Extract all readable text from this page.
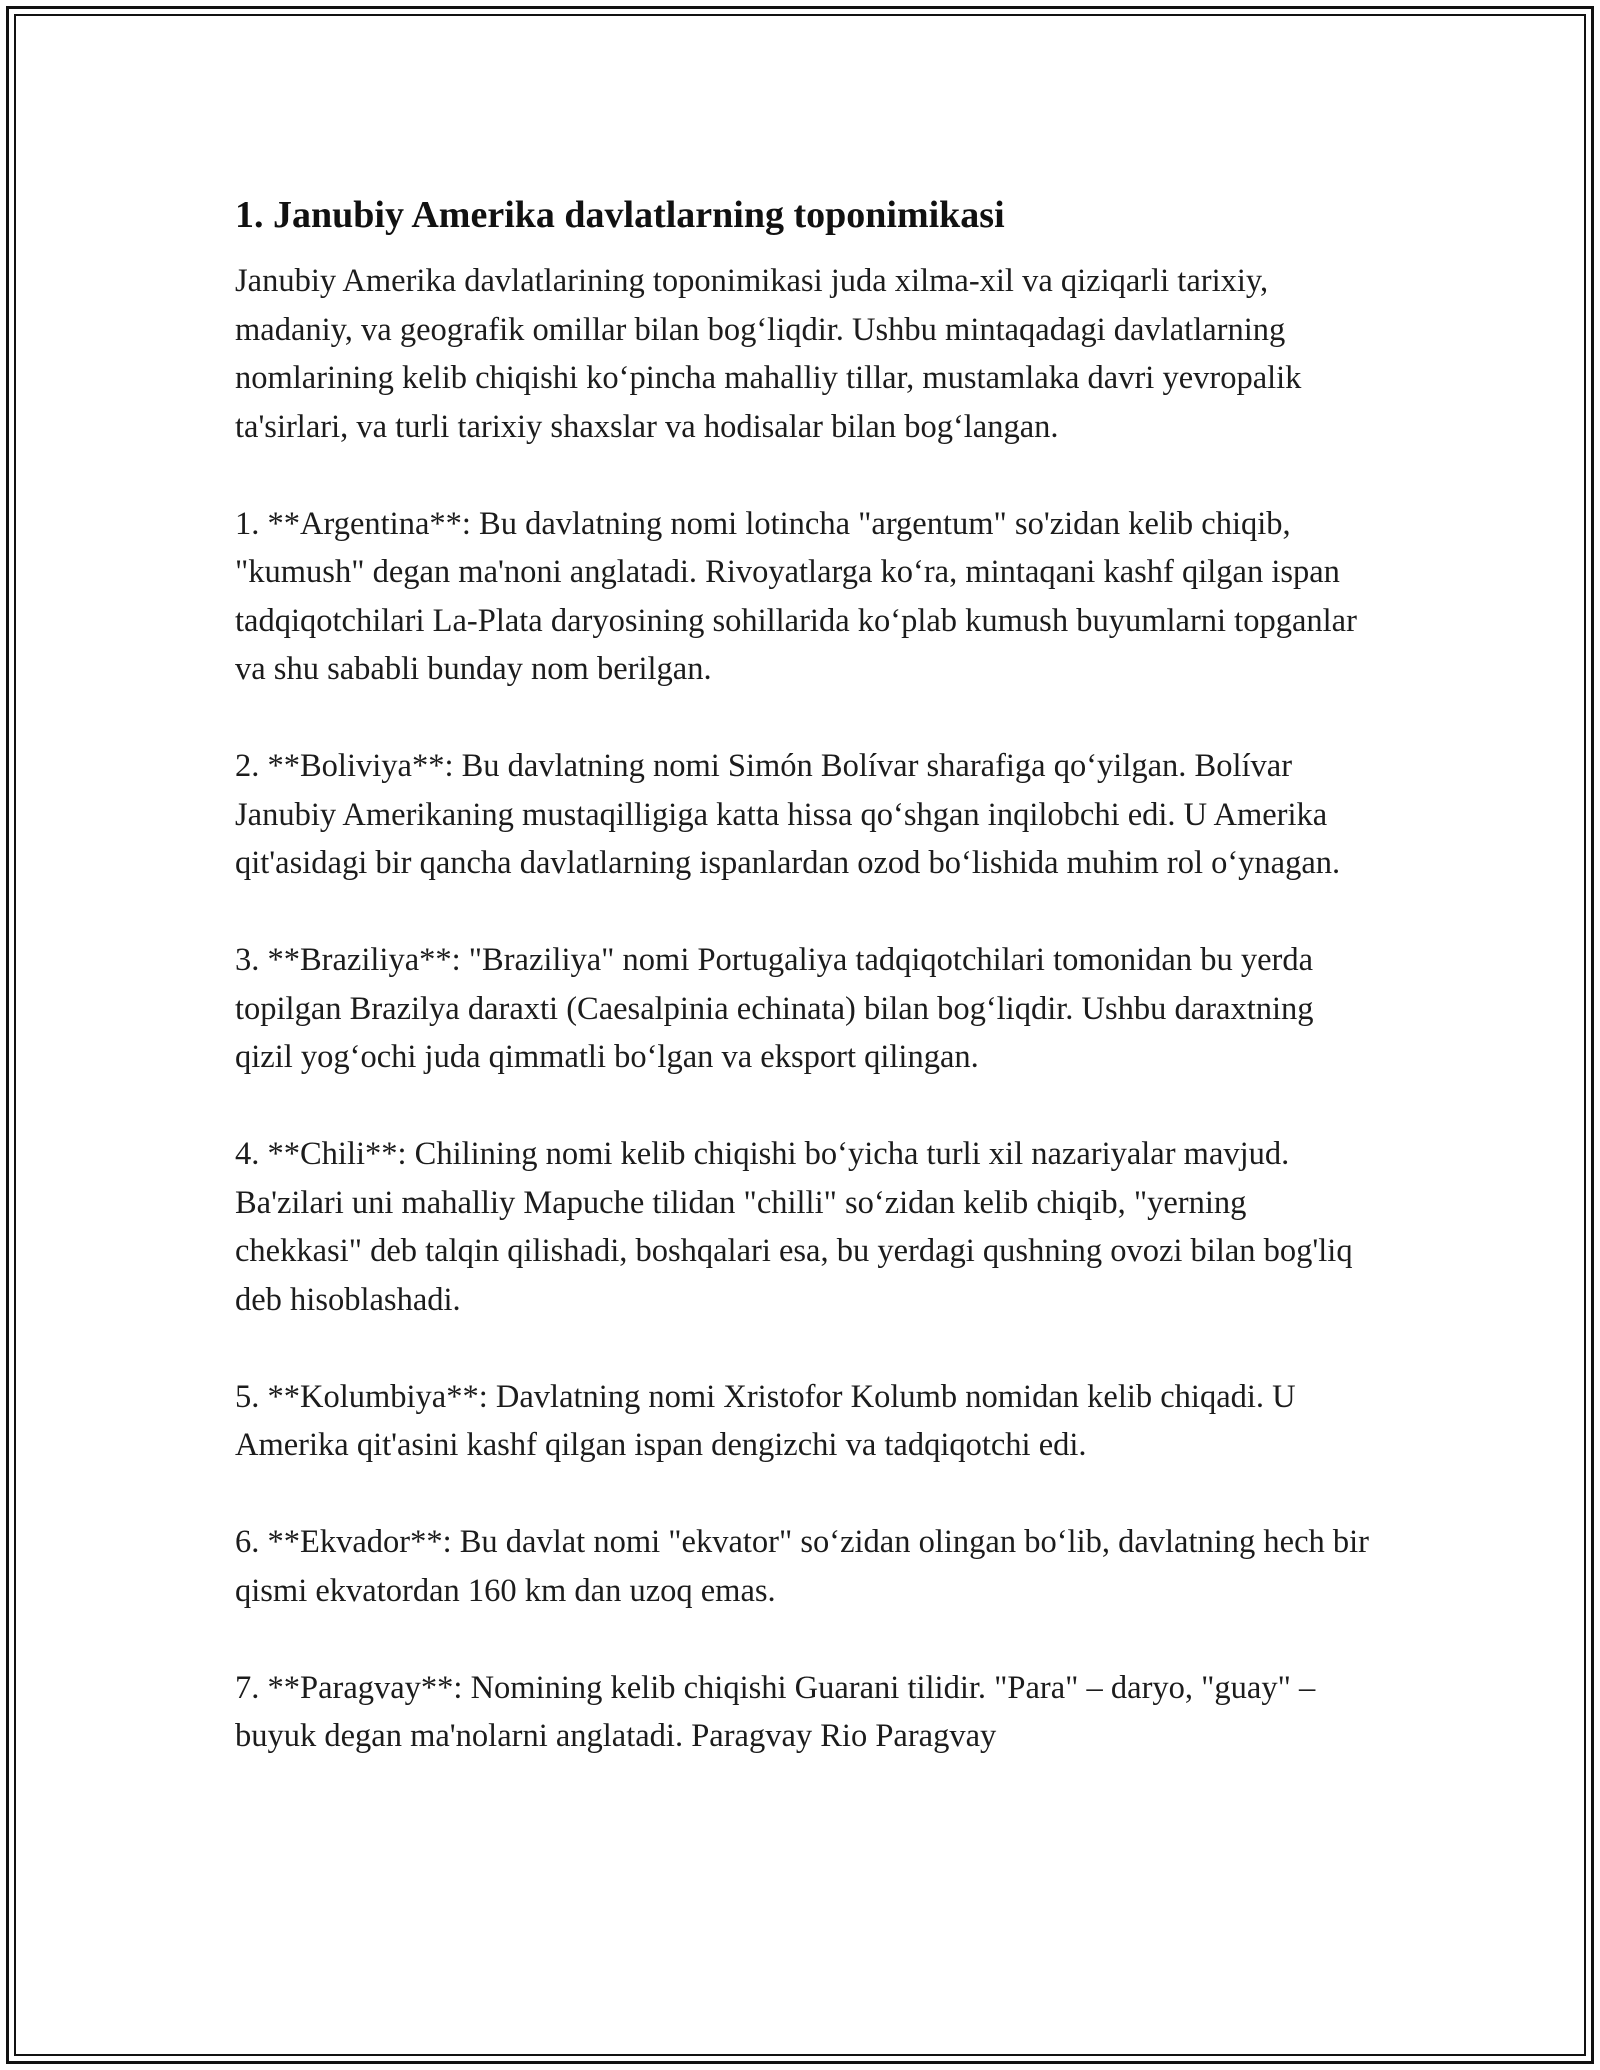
1. Janubiy Amerika davlatlarning toponimikasi

Janubiy Amerika davlatlarining toponimikasi juda xilma-xil va qiziqarli tarixiy, madaniy, va geografik omillar bilan bog‘liqdir. Ushbu mintaqadagi davlatlarning nomlarining kelib chiqishi ko‘pincha mahalliy tillar, mustamlaka davri yevropalik ta'sirlari, va turli tarixiy shaxslar va hodisalar bilan bog‘langan.

1. **Argentina**: Bu davlatning nomi lotincha "argentum" so'zidan kelib chiqib, "kumush" degan ma'noni anglatadi. Rivoyatlarga ko‘ra, mintaqani kashf qilgan ispan tadqiqotchilari La-Plata daryosining sohillarida ko‘plab kumush buyumlarni topganlar va shu sababli bunday nom berilgan.

2. **Boliviya**: Bu davlatning nomi Simón Bolívar sharafiga qo‘yilgan. Bolívar Janubiy Amerikaning mustaqilligiga katta hissa qo‘shgan inqilobchi edi. U Amerika qit'asidagi bir qancha davlatlarning ispanlardan ozod bo‘lishida muhim rol o‘ynagan.

3. **Braziliya**: "Braziliya" nomi Portugaliya tadqiqotchilari tomonidan bu yerda topilgan Brazilya daraxti (Caesalpinia echinata) bilan bog‘liqdir. Ushbu daraxtning qizil yog‘ochi juda qimmatli bo‘lgan va eksport qilingan.

4. **Chili**: Chilining nomi kelib chiqishi bo‘yicha turli xil nazariyalar mavjud. Ba'zilari uni mahalliy Mapuche tilidan "chilli" so‘zidan kelib chiqib, "yerning chekkasi" deb talqin qilishadi, boshqalari esa, bu yerdagi qushning ovozi bilan bog'liq deb hisoblashadi.

5. **Kolumbiya**: Davlatning nomi Xristofor Kolumb nomidan kelib chiqadi. U Amerika qit'asini kashf qilgan ispan dengizchi va tadqiqotchi edi.

6. **Ekvador**: Bu davlat nomi "ekvator" so‘zidan olingan bo‘lib, davlatning hech bir qismi ekvatordan 160 km dan uzoq emas.

7. **Paragvay**: Nomining kelib chiqishi Guarani tilidir. "Para" – daryo, "guay" – buyuk degan ma'nolarni anglatadi. Paragvay Rio Paragvay
